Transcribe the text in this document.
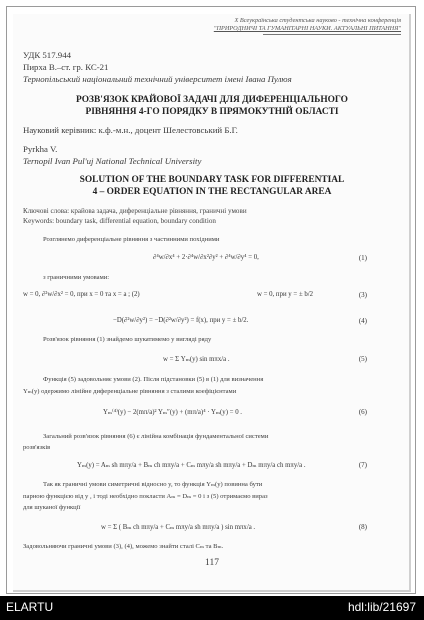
X Всеукраїнська студентська науково - технічна конференція
"ПРИРОДНИЧІ ТА ГУМАНІТАРНІ НАУКИ. АКТУАЛЬНІ ПИТАННЯ"
УДК 517.944
Пирха В.–ст. гр. КС-21
Тернопільський національний технічний університет імені Івана Пулюя
РОЗВ'ЯЗОК КРАЙОВОЇ ЗАДАЧІ ДЛЯ ДИФЕРЕНЦІАЛЬНОГО
РІВНЯННЯ 4-ГО ПОРЯДКУ В ПРЯМОКУТНІЙ ОБЛАСТІ
Науковий керівник: к.ф.-м.н., доцент Шелестовський Б.Г.
Pyrkha V.
Ternopil Ivan Pul'uj National Technical University
SOLUTION OF THE BOUNDARY TASK FOR DIFFERENTIAL
4 – ORDER EQUATION IN THE RECTANGULAR AREA
Ключові слова: крайова задача, диференціальне рівняння, граничні умови
Keywords: boundary task, differential equation, boundary condition
Розглянемо диференціальне рівняння з частинними похідними
∂⁴w/∂x⁴ + 2·∂⁴w/∂x²∂y² + ∂⁴w/∂y⁴ = 0,	(1)
з граничними умовами:
w = 0, ∂²w/∂x² = 0, при x = 0 та x = a ; (2)	w = 0, при y = ± b/2	(3)
−D(∂²w/∂y²) = −D(∂²w/∂y²) = f(x), при y = ± b/2.	(4)
Розв'язок рівняння (1) знайдемо шукатимемо у вигляді ряду
w = Σ Yₘ(y) sin mπx/a .	(5)
Функція (5) задовольняє умови (2). Після підстановки (5) в (1) для визначення
Yₘ(y) одержимо лінійне диференціальне рівняння з сталими коефіцієнтами
Yₘ⁽⁴⁾(y) − 2(mπ/a)² Yₘ″(y) + (mπ/a)⁴ · Yₘ(y) = 0 .	(6)
Загальний розв'язок рівняння (6) є лінійна комбінація фундаментальної системи
розв'язків
Yₘ(y) = Aₘ sh mπy/a + Bₘ ch mπy/a + Cₘ mπy/a sh mπy/a + Dₘ mπy/a ch mπy/a .	(7)
Так як граничні умови симетричні відносно y, то функція Yₘ(y) повинна бути
парною функцією від y , і тоді необхідно покласти Aₘ = Dₘ = 0 і з (5) отримаємо вираз
для шуканої функції
w = Σ ( Bₘ ch mπy/a + Cₘ mπy/a sh mπy/a ) sin mπx/a .	(8)
Задовольняючи граничні умови (3), (4), можемо знайти сталі Cₘ та Bₘ.
117
ELARTU	hdl:lib/21697
